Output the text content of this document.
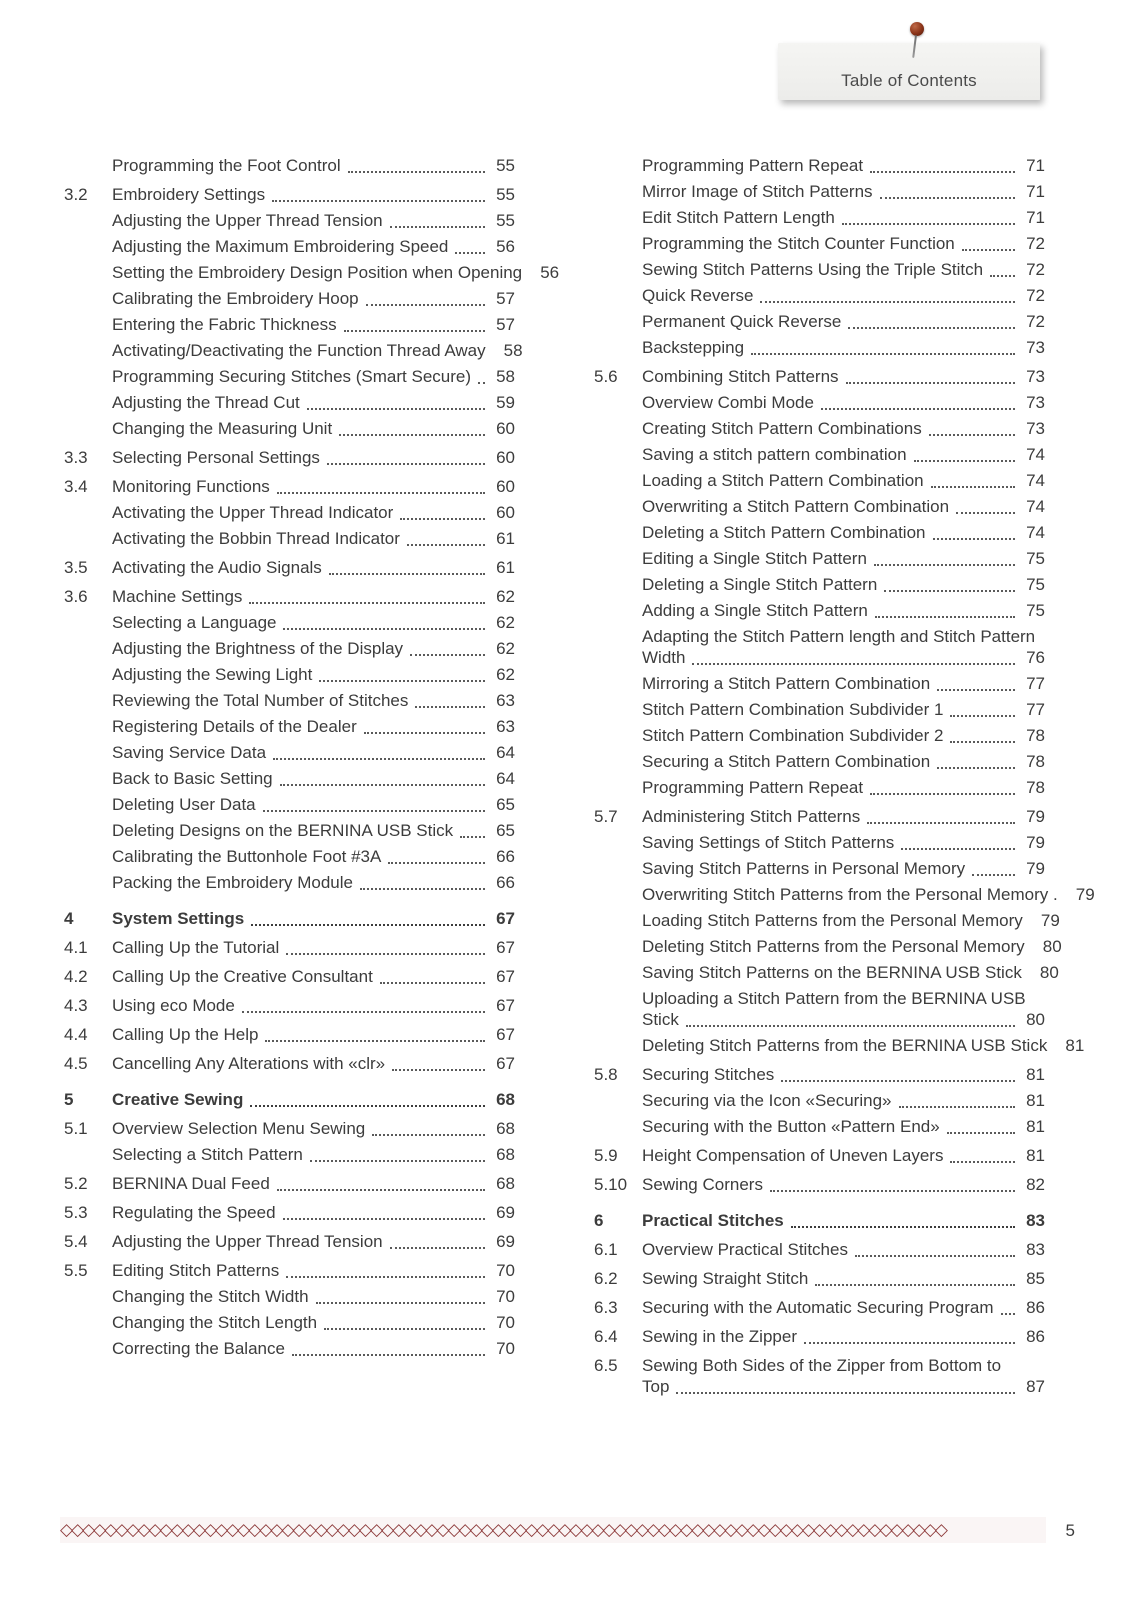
Table of Contents
Programming the Foot Control	55
3.2	Embroidery Settings	55
Adjusting the Upper Thread Tension	55
Adjusting the Maximum Embroidering Speed	56
Setting the Embroidery Design Position when Opening 56
Calibrating the Embroidery Hoop	57
Entering the Fabric Thickness	57
Activating/Deactivating the Function Thread Away 58
Programming Securing Stitches (Smart Secure) 58
Adjusting the Thread Cut	59
Changing the Measuring Unit	60
3.3	Selecting Personal Settings	60
3.4	Monitoring Functions	60
Activating the Upper Thread Indicator	60
Activating the Bobbin Thread Indicator	61
3.5	Activating the Audio Signals	61
3.6	Machine Settings	62
Selecting a Language	62
Adjusting the Brightness of the Display	62
Adjusting the Sewing Light	62
Reviewing the Total Number of Stitches	63
Registering Details of the Dealer	63
Saving Service Data	64
Back to Basic Setting	64
Deleting User Data	65
Deleting Designs on the BERNINA USB Stick	65
Calibrating the Buttonhole Foot #3A	66
Packing the Embroidery Module	66
4	System Settings	67
4.1	Calling Up the Tutorial	67
4.2	Calling Up the Creative Consultant	67
4.3	Using eco Mode	67
4.4	Calling Up the Help	67
4.5	Cancelling Any Alterations with «clr»	67
5	Creative Sewing	68
5.1	Overview Selection Menu Sewing	68
Selecting a Stitch Pattern	68
5.2	BERNINA Dual Feed	68
5.3	Regulating the Speed	69
5.4	Adjusting the Upper Thread Tension	69
5.5	Editing Stitch Patterns	70
Changing the Stitch Width	70
Changing the Stitch Length	70
Correcting the Balance	70
Programming Pattern Repeat	71
Mirror Image of Stitch Patterns	71
Edit Stitch Pattern Length	71
Programming the Stitch Counter Function	72
Sewing Stitch Patterns Using the Triple Stitch	72
Quick Reverse	72
Permanent Quick Reverse	72
Backstepping	73
5.6	Combining Stitch Patterns	73
Overview Combi Mode	73
Creating Stitch Pattern Combinations	73
Saving a stitch pattern combination	74
Loading a Stitch Pattern Combination	74
Overwriting a Stitch Pattern Combination	74
Deleting a Stitch Pattern Combination	74
Editing a Single Stitch Pattern	75
Deleting a Single Stitch Pattern	75
Adding a Single Stitch Pattern	75
Adapting the Stitch Pattern length and Stitch Pattern
Width	76
Mirroring a Stitch Pattern Combination	77
Stitch Pattern Combination Subdivider 1	77
Stitch Pattern Combination Subdivider 2	78
Securing a Stitch Pattern Combination	78
Programming Pattern Repeat	78
5.7	Administering Stitch Patterns	79
Saving Settings of Stitch Patterns	79
Saving Stitch Patterns in Personal Memory	79
Overwriting Stitch Patterns from the Personal Memory . 79
Loading Stitch Patterns from the Personal Memory 79
Deleting Stitch Patterns from the Personal Memory 80
Saving Stitch Patterns on the BERNINA USB Stick 80
Uploading a Stitch Pattern from the BERNINA USB
Stick	80
Deleting Stitch Patterns from the BERNINA USB Stick 81
5.8	Securing Stitches	81
Securing via the Icon «Securing»	81
Securing with the Button «Pattern End»	81
5.9	Height Compensation of Uneven Layers	81
5.10 Sewing Corners	82
6	Practical Stitches	83
6.1	Overview Practical Stitches	83
6.2	Sewing Straight Stitch	85
6.3	Securing with the Automatic Securing Program 86
6.4	Sewing in the Zipper	86
6.5	Sewing Both Sides of the Zipper from Bottom to
Top	87
◇◇◇◇◇◇◇◇◇◇◇◇◇◇◇◇◇◇◇◇◇◇◇◇◇◇◇◇◇◇◇◇◇◇◇◇◇◇◇◇◇◇◇◇◇◇◇◇◇◇◇◇◇◇◇◇◇◇◇◇◇◇◇◇◇◇◇◇◇◇◇◇◇◇◇◇◇◇◇◇	5
